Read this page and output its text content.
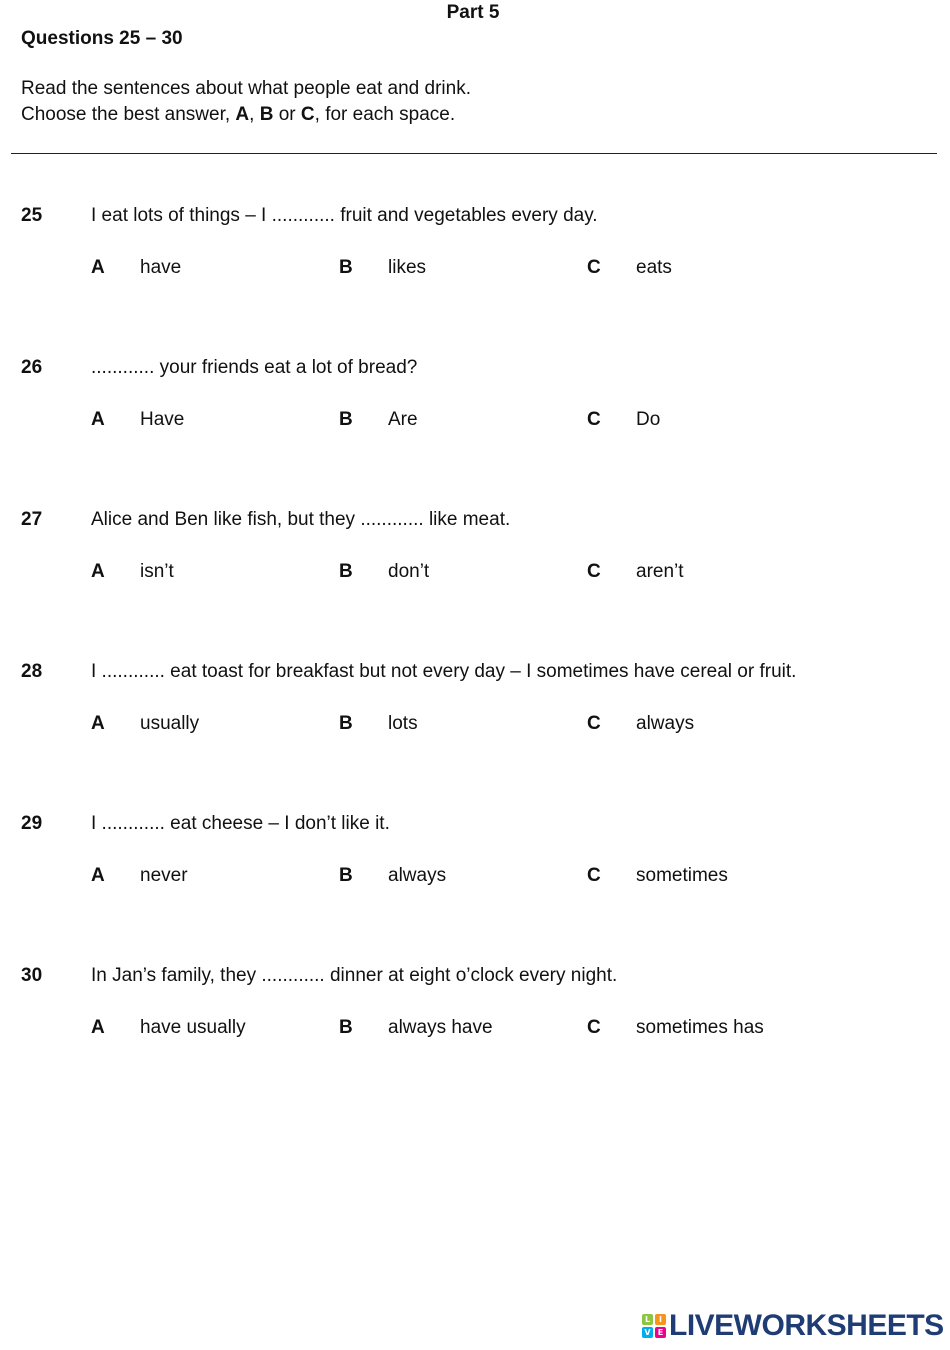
Part 5
Questions 25 – 30
Read the sentences about what people eat and drink.
Choose the best answer, A, B or C, for each space.
25	I eat lots of things – I ............ fruit and vegetables every day.
A have	B likes	C eats
26	............ your friends eat a lot of bread?
A Have	B Are	C Do
27	Alice and Ben like fish, but they ............ like meat.
A isn’t	B don’t	C aren’t
28	I ............ eat toast for breakfast but not every day – I sometimes have cereal or fruit.
A usually	B lots	C always
29	I ............ eat cheese – I don’t like it.
A never	B always	C sometimes
30	In Jan’s family, they ............ dinner at eight o’clock every night.
A have usually	B always have	C sometimes has
L	I
V E LIVEWORKSHEETS
